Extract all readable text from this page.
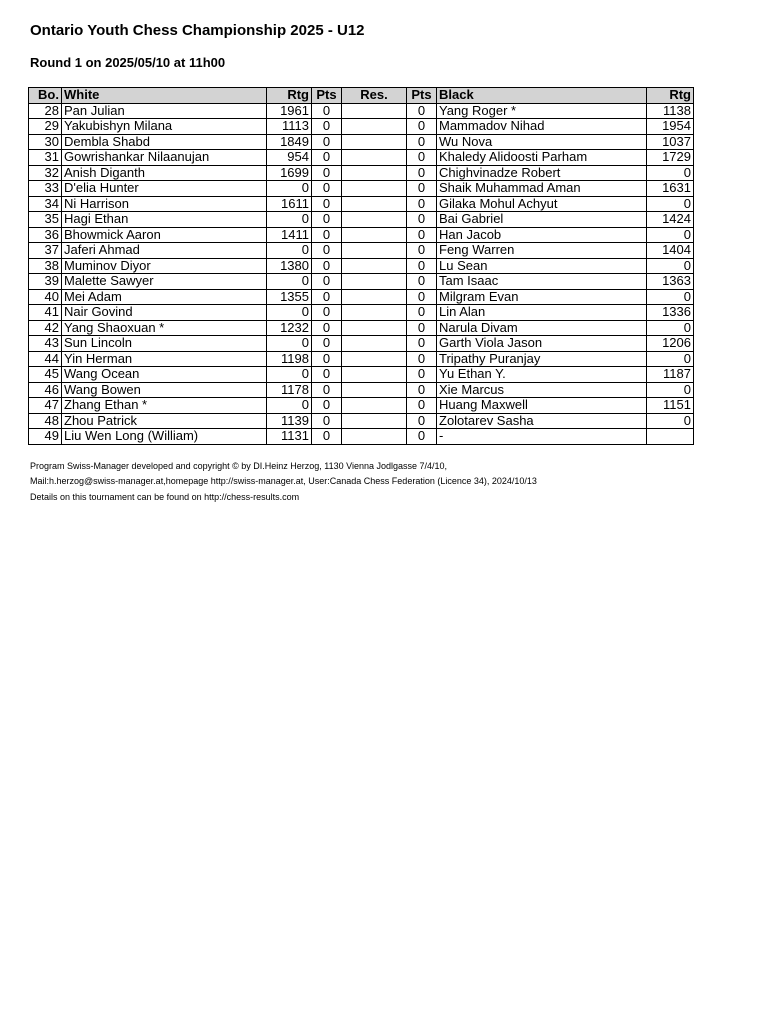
Ontario Youth Chess Championship 2025 - U12
Round 1 on 2025/05/10 at 11h00
Bo.	White	Rtg	Pts	Res.	Pts	Black	Rtg
28	Pan Julian	1961	0		0	Yang Roger *	1138
29	Yakubishyn Milana	1113	0		0	Mammadov Nihad	1954
30	Dembla Shabd	1849	0		0	Wu Nova	1037
31	Gowrishankar Nilaanujan	954	0		0	Khaledy Alidoosti Parham	1729
32	Anish Diganth	1699	0		0	Chighvinadze Robert	0
33	D'elia Hunter	0	0		0	Shaik Muhammad Aman	1631
34	Ni Harrison	1611	0		0	Gilaka Mohul Achyut	0
35	Hagi Ethan	0	0		0	Bai Gabriel	1424
36	Bhowmick Aaron	1411	0		0	Han Jacob	0
37	Jaferi Ahmad	0	0		0	Feng Warren	1404
38	Muminov Diyor	1380	0		0	Lu Sean	0
39	Malette Sawyer	0	0		0	Tam Isaac	1363
40	Mei Adam	1355	0		0	Milgram Evan	0
41	Nair Govind	0	0		0	Lin Alan	1336
42	Yang Shaoxuan *	1232	0		0	Narula Divam	0
43	Sun Lincoln	0	0		0	Garth Viola Jason	1206
44	Yin Herman	1198	0		0	Tripathy Puranjay	0
45	Wang Ocean	0	0		0	Yu Ethan Y.	1187
46	Wang Bowen	1178	0		0	Xie Marcus	0
47	Zhang Ethan *	0	0		0	Huang Maxwell	1151
48	Zhou Patrick	1139	0		0	Zolotarev Sasha	0
49	Liu Wen Long (William)	1131	0		0	-	
Program Swiss-Manager developed and copyright © by DI.Heinz Herzog, 1130 Vienna Jodlgasse 7/4/10,
Mail:h.herzog@swiss-manager.at,homepage http://swiss-manager.at, User:Canada Chess Federation (Licence 34), 2024/10/13
Details on this tournament can be found on http://chess-results.com
